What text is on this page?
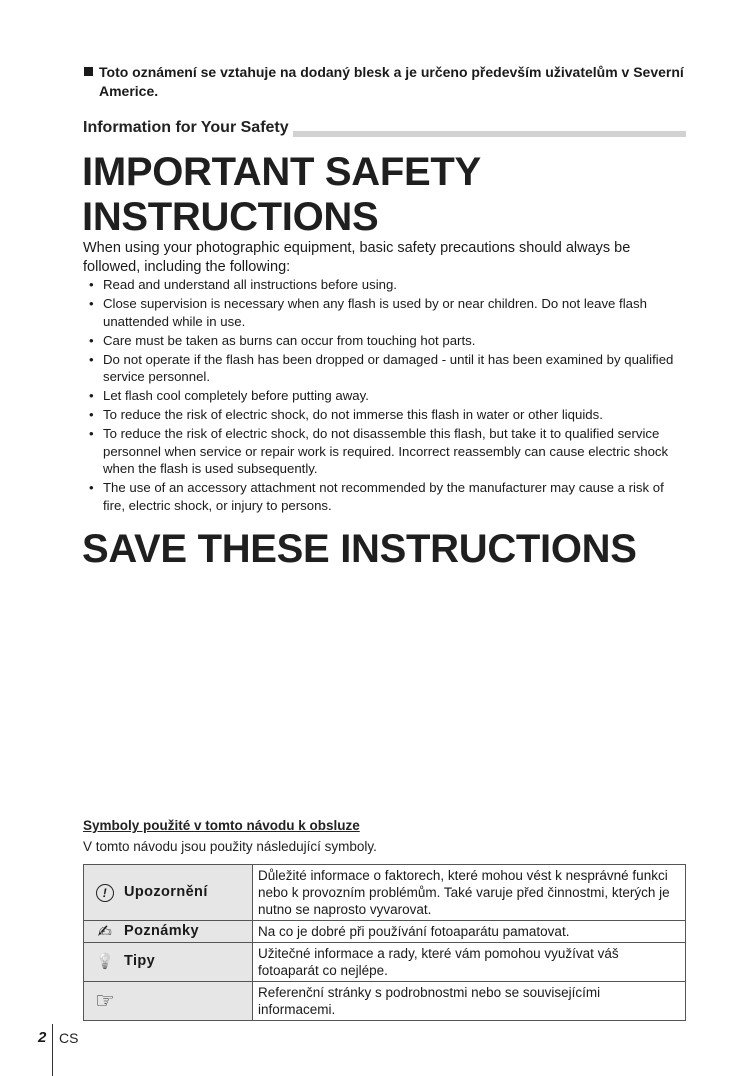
Toto oznámení se vztahuje na dodaný blesk a je určeno především uživatelům v Severní Americe.
Information for Your Safety
IMPORTANT SAFETY INSTRUCTIONS

When using your photographic equipment, basic safety precautions should always be followed, including the following:

• Read and understand all instructions before using.
• Close supervision is necessary when any flash is used by or near children. Do not leave flash unattended while in use.
• Care must be taken as burns can occur from touching hot parts.
• Do not operate if the flash has been dropped or damaged - until it has been examined by qualified service personnel.
• Let flash cool completely before putting away.
• To reduce the risk of electric shock, do not immerse this flash in water or other liquids.
• To reduce the risk of electric shock, do not disassemble this flash, but take it to qualified service personnel when service or repair work is required. Incorrect reassembly can cause electric shock when the flash is used subsequently.
• The use of an accessory attachment not recommended by the manufacturer may cause a risk of fire, electric shock, or injury to persons.
SAVE THESE INSTRUCTIONS
Symboly použité v tomto návodu k obsluze
V tomto návodu jsou použity následující symboly.
! Upozornění	Důležité informace o faktorech, které mohou vést k nesprávné funkci nebo k provozním problémům. Také varuje před činnostmi, kterých je nutno se naprosto vyvarovat.
✍ Poznámky	Na co je dobré při používání fotoaparátu pamatovat.
💡 Tipy	Užitečné informace a rady, které vám pomohou využívat váš fotoaparát co nejlépe.
☞	Referenční stránky s podrobnostmi nebo se souvisejícími informacemi.
2 CS
